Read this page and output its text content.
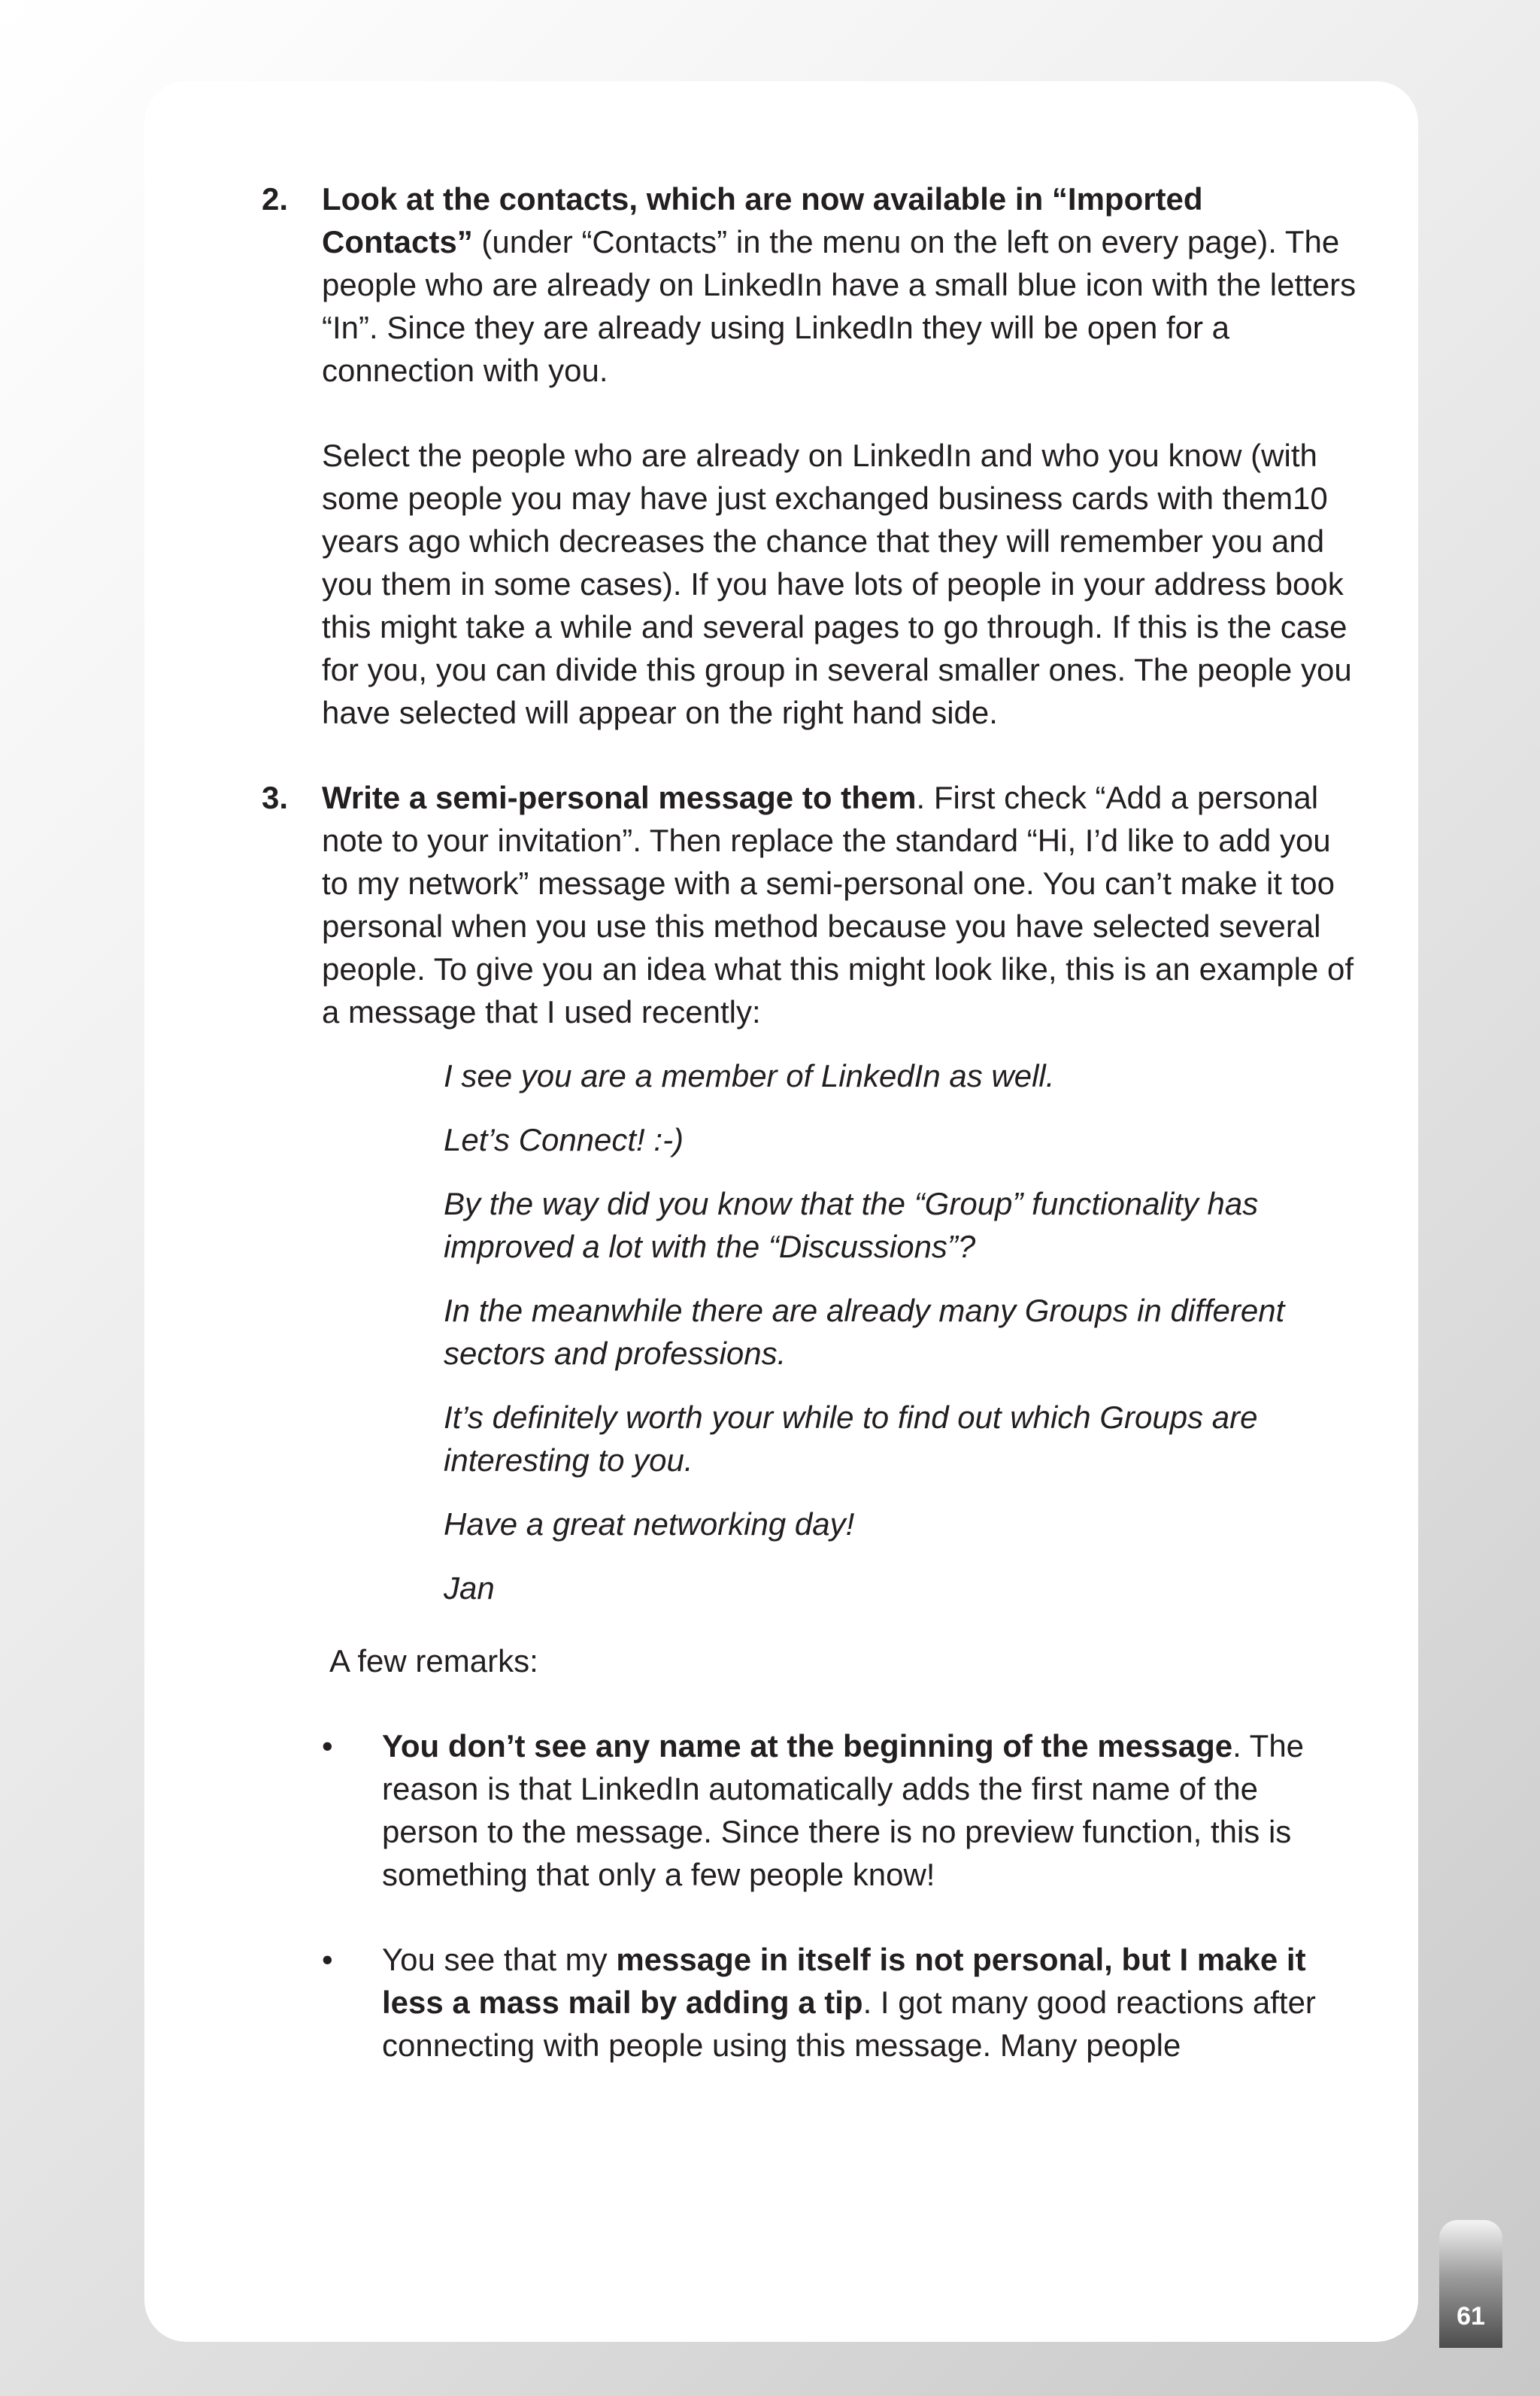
2. Look at the contacts, which are now available in “Imported Contacts” (under “Contacts” in the menu on the left on every page). The people who are already on LinkedIn have a small blue icon with the letters “In”. Since they are already using LinkedIn they will be open for a connection with you.

Select the people who are already on LinkedIn and who you know (with some people you may have just exchanged business cards with them10 years ago which decreases the chance that they will remember you and you them in some cases). If you have lots of people in your address book this might take a while and several pages to go through. If this is the case for you, you can divide this group in several smaller ones. The people you have selected will appear on the right hand side.

3. Write a semi-personal message to them. First check “Add a personal note to your invitation”. Then replace the standard “Hi, I’d like to add you to my network” message with a semi-personal one. You can’t make it too personal when you use this method because you have selected several people. To give you an idea what this might look like, this is an example of a message that I used recently:

I see you are a member of LinkedIn as well.

Let’s Connect! :-)

By the way did you know that the “Group” functionality has improved a lot with the “Discussions”?

In the meanwhile there are already many Groups in different sectors and professions.

It’s definitely worth your while to find out which Groups are interesting to you.

Have a great networking day!

Jan

A few remarks:

• You don’t see any name at the beginning of the message. The reason is that LinkedIn automatically adds the first name of the person to the message. Since there is no preview function, this is something that only a few people know!

• You see that my message in itself is not personal, but I make it less a mass mail by adding a tip. I got many good reactions after connecting with people using this message. Many people

61
